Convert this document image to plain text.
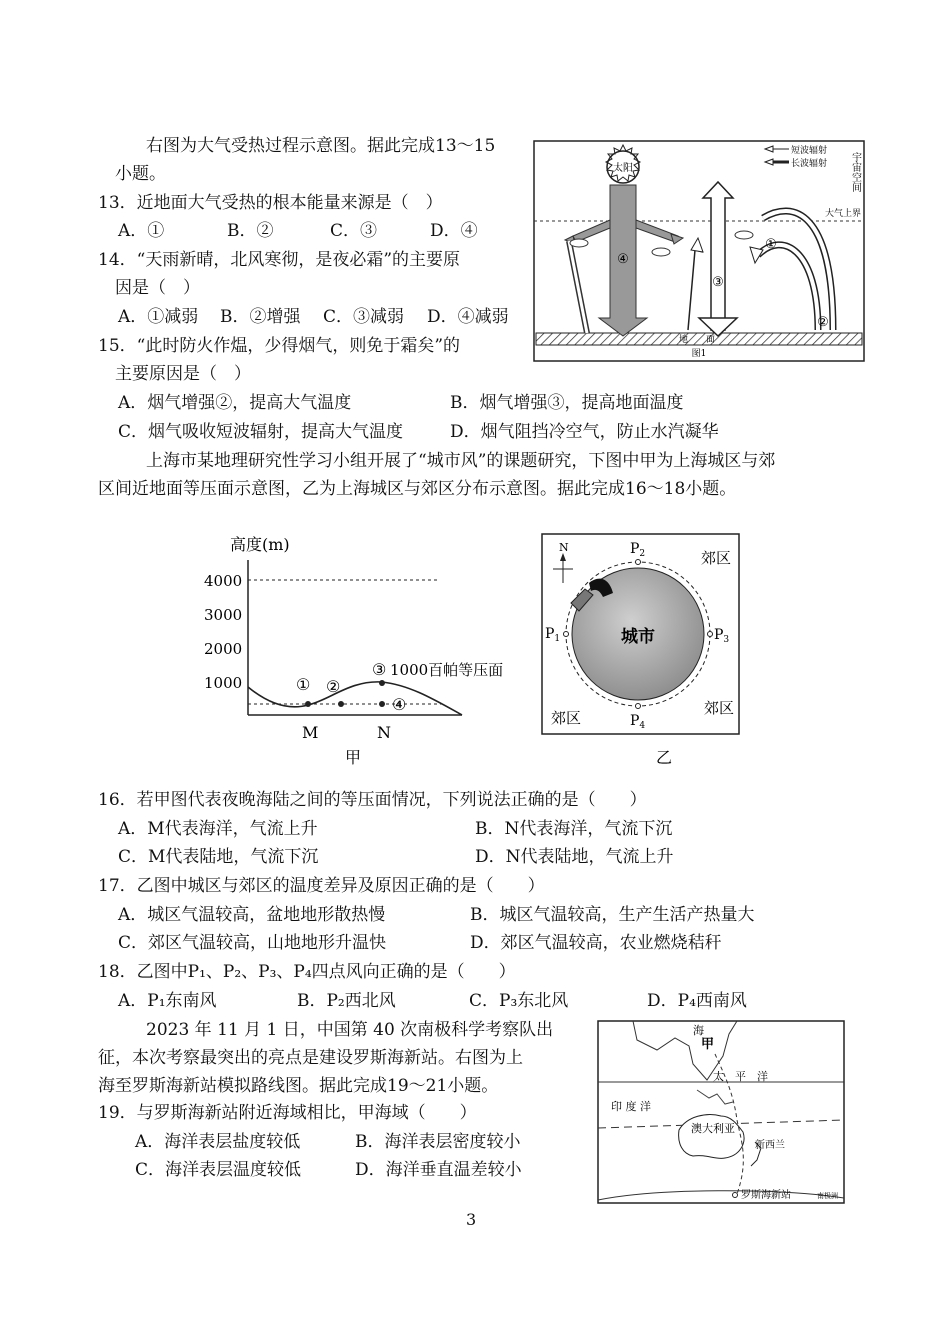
右图为大气受热过程示意图。据此完成13～15
小题。
13．近地面大气受热的根本能量来源是（　）
A．①	B．②	C．③	D．④
14．“天雨新晴，北风寒彻，是夜必霜”的主要原
因是（　）
A．①减弱 B．②增强 C．③减弱 D．④减弱
15．“此时防火作煴，少得烟气，则免于霜矣”的
主要原因是（　）
A．烟气增强②，提高大气温度	B．烟气增强③，提高地面温度
C．烟气吸收短波辐射，提高大气温度	D．烟气阻挡冷空气，防止水汽凝华
上海市某地理研究性学习小组开展了“城市风”的课题研究，下图中甲为上海城区与郊
区间近地面等压面示意图，乙为上海城区与郊区分布示意图。据此完成16～18小题。
太阳
④
③
①
②
短波辐射
长波辐射 宇宙空间
大气上界
地　　面
图1
高度(m)
4000
3000
2000
1000	① ②
③ 1000百帕等压面
④
M	N
甲
城市
N	$P_2$
$P_1$	$P_3$
$P_4$
郊区
郊区
郊区
乙
16．若甲图代表夜晚海陆之间的等压面情况，下列说法正确的是（　　）
A．M代表海洋，气流上升	B．N代表海洋，气流下沉
C．M代表陆地，气流下沉	D．N代表陆地，气流上升
17．乙图中城区与郊区的温度差异及原因正确的是（　　）
A．城区气温较高，盆地地形散热慢	B．城区气温较高，生产生活产热量大
C．郊区气温较高，山地地形升温快	D．郊区气温较高，农业燃烧秸秆
18．乙图中P₁、P₂、P₃、P₄四点风向正确的是（　　）
A．P₁东南风	B．P₂西北风	C．P₃东北风	D．P₄西南风
2023 年 11 月 1 日，中国第 40 次南极科学考察队出
征，本次考察最突出的亮点是建设罗斯海新站。右图为上
海至罗斯海新站模拟路线图。据此完成19～21小题。
19．与罗斯海新站附近海域相比，甲海域（　　）
A．海洋表层盐度较低	B．海洋表层密度较小
C．海洋表层温度较低	D．海洋垂直温差较小
海
甲
太　平　洋
印 度 洋
澳大利亚
新西兰
罗斯海新站	南极洲
3
